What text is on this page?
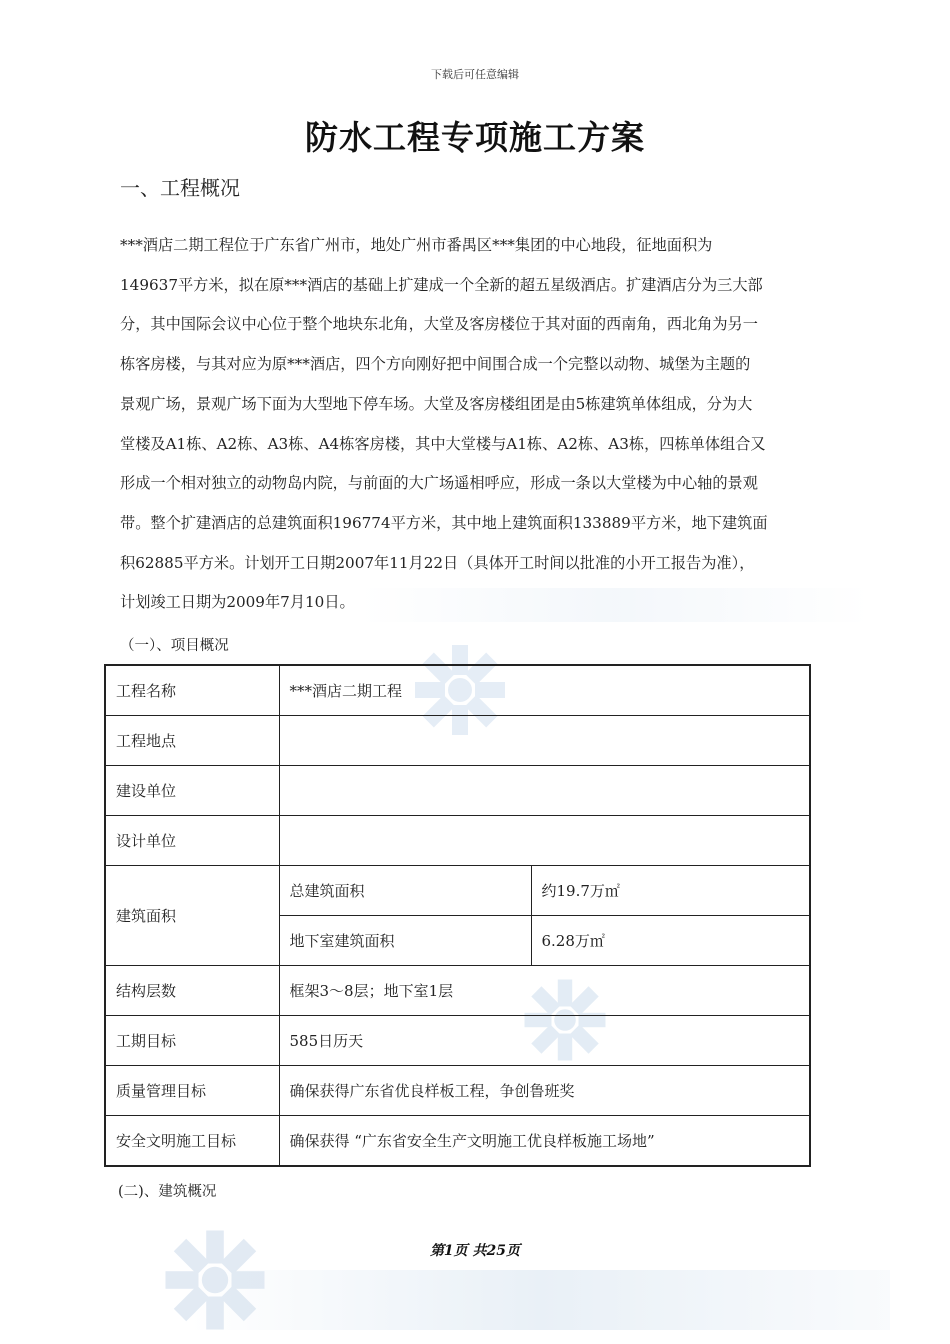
下载后可任意编辑
防水工程专项施工方案
一、工程概况
***酒店二期工程位于广东省广州市，地处广州市番禺区***集团的中心地段，征地面积为
149637平方米，拟在原***酒店的基础上扩建成一个全新的超五星级酒店。扩建酒店分为三大部
分，其中国际会议中心位于整个地块东北角，大堂及客房楼位于其对面的西南角，西北角为另一
栋客房楼，与其对应为原***酒店，四个方向刚好把中间围合成一个完整以动物、城堡为主题的
景观广场，景观广场下面为大型地下停车场。大堂及客房楼组团是由5栋建筑单体组成，分为大
堂楼及A1栋、A2栋、A3栋、A4栋客房楼，其中大堂楼与A1栋、A2栋、A3栋，四栋单体组合又
形成一个相对独立的动物岛内院，与前面的大广场遥相呼应，形成一条以大堂楼为中心轴的景观
带。整个扩建酒店的总建筑面积196774平方米，其中地上建筑面积133889平方米，地下建筑面
积62885平方米。计划开工日期2007年11月22日（具体开工时间以批准的小开工报告为准），
计划竣工日期为2009年7月10日。
（一）、项目概况
工程名称	***酒店二期工程	
工程地点		
建设单位		
设计单位		
建筑面积	总建筑面积	约19.7万㎡
	地下室建筑面积	6.28万㎡
结构层数	框架3～8层；地下室1层	
工期目标	585日历天	
质量管理目标	确保获得广东省优良样板工程，争创鲁班奖	
安全文明施工目标	确保获得 “广东省安全生产文明施工优良样板施工场地”	
(二)、建筑概况
第1页 共25页
